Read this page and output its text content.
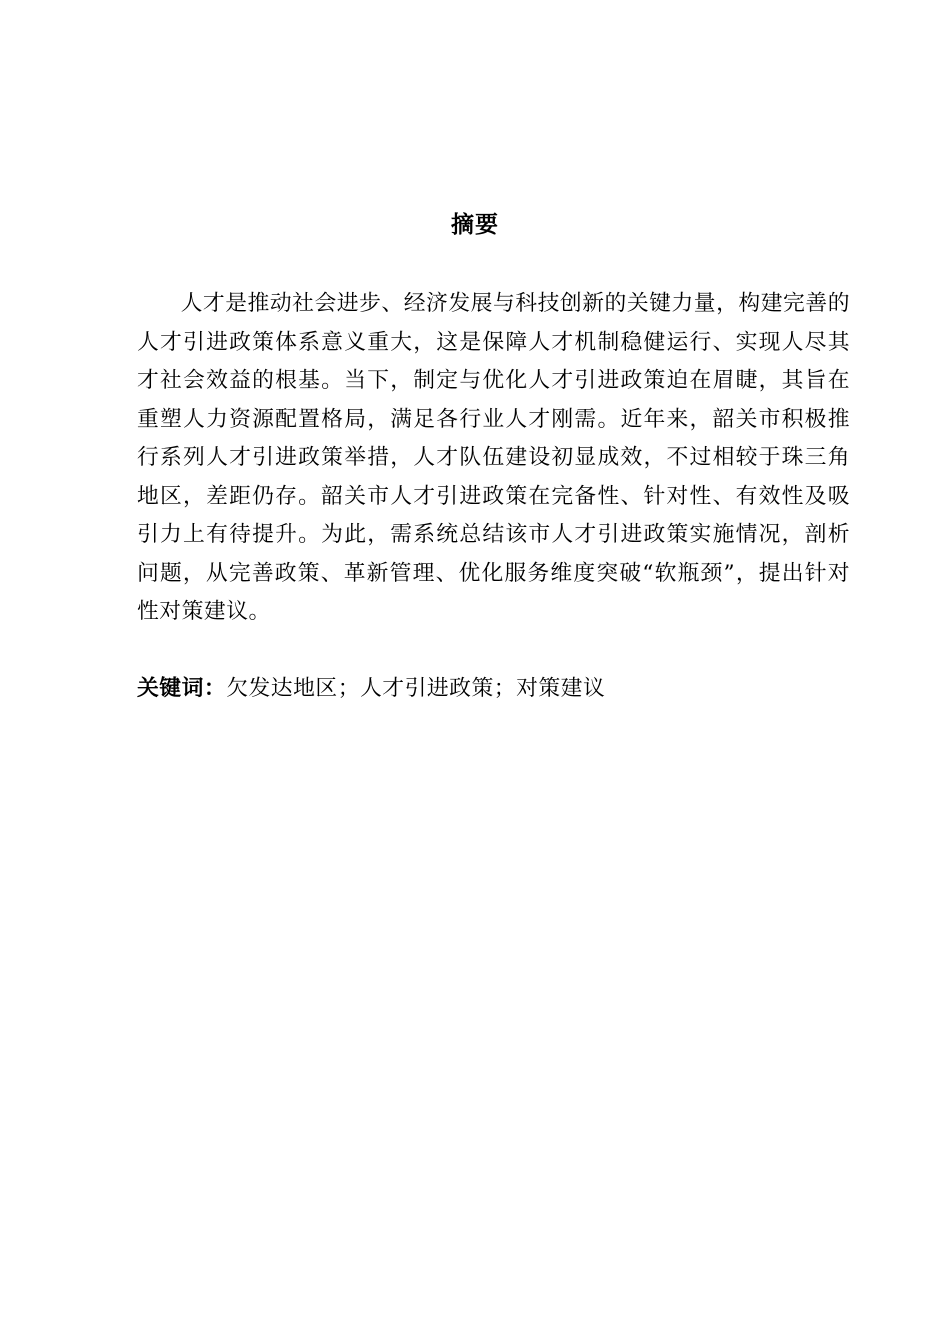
摘要

人才是推动社会进步、经济发展与科技创新的关键力量，构建完善的人才引进政策体系意义重大，这是保障人才机制稳健运行、实现人尽其才社会效益的根基。当下，制定与优化人才引进政策迫在眉睫，其旨在重塑人力资源配置格局，满足各行业人才刚需。近年来，韶关市积极推行系列人才引进政策举措，人才队伍建设初显成效，不过相较于珠三角地区，差距仍存。韶关市人才引进政策在完备性、针对性、有效性及吸引力上有待提升。为此，需系统总结该市人才引进政策实施情况，剖析问题，从完善政策、革新管理、优化服务维度突破“软瓶颈”，提出针对性对策建议。

关键词：欠发达地区；人才引进政策；对策建议
